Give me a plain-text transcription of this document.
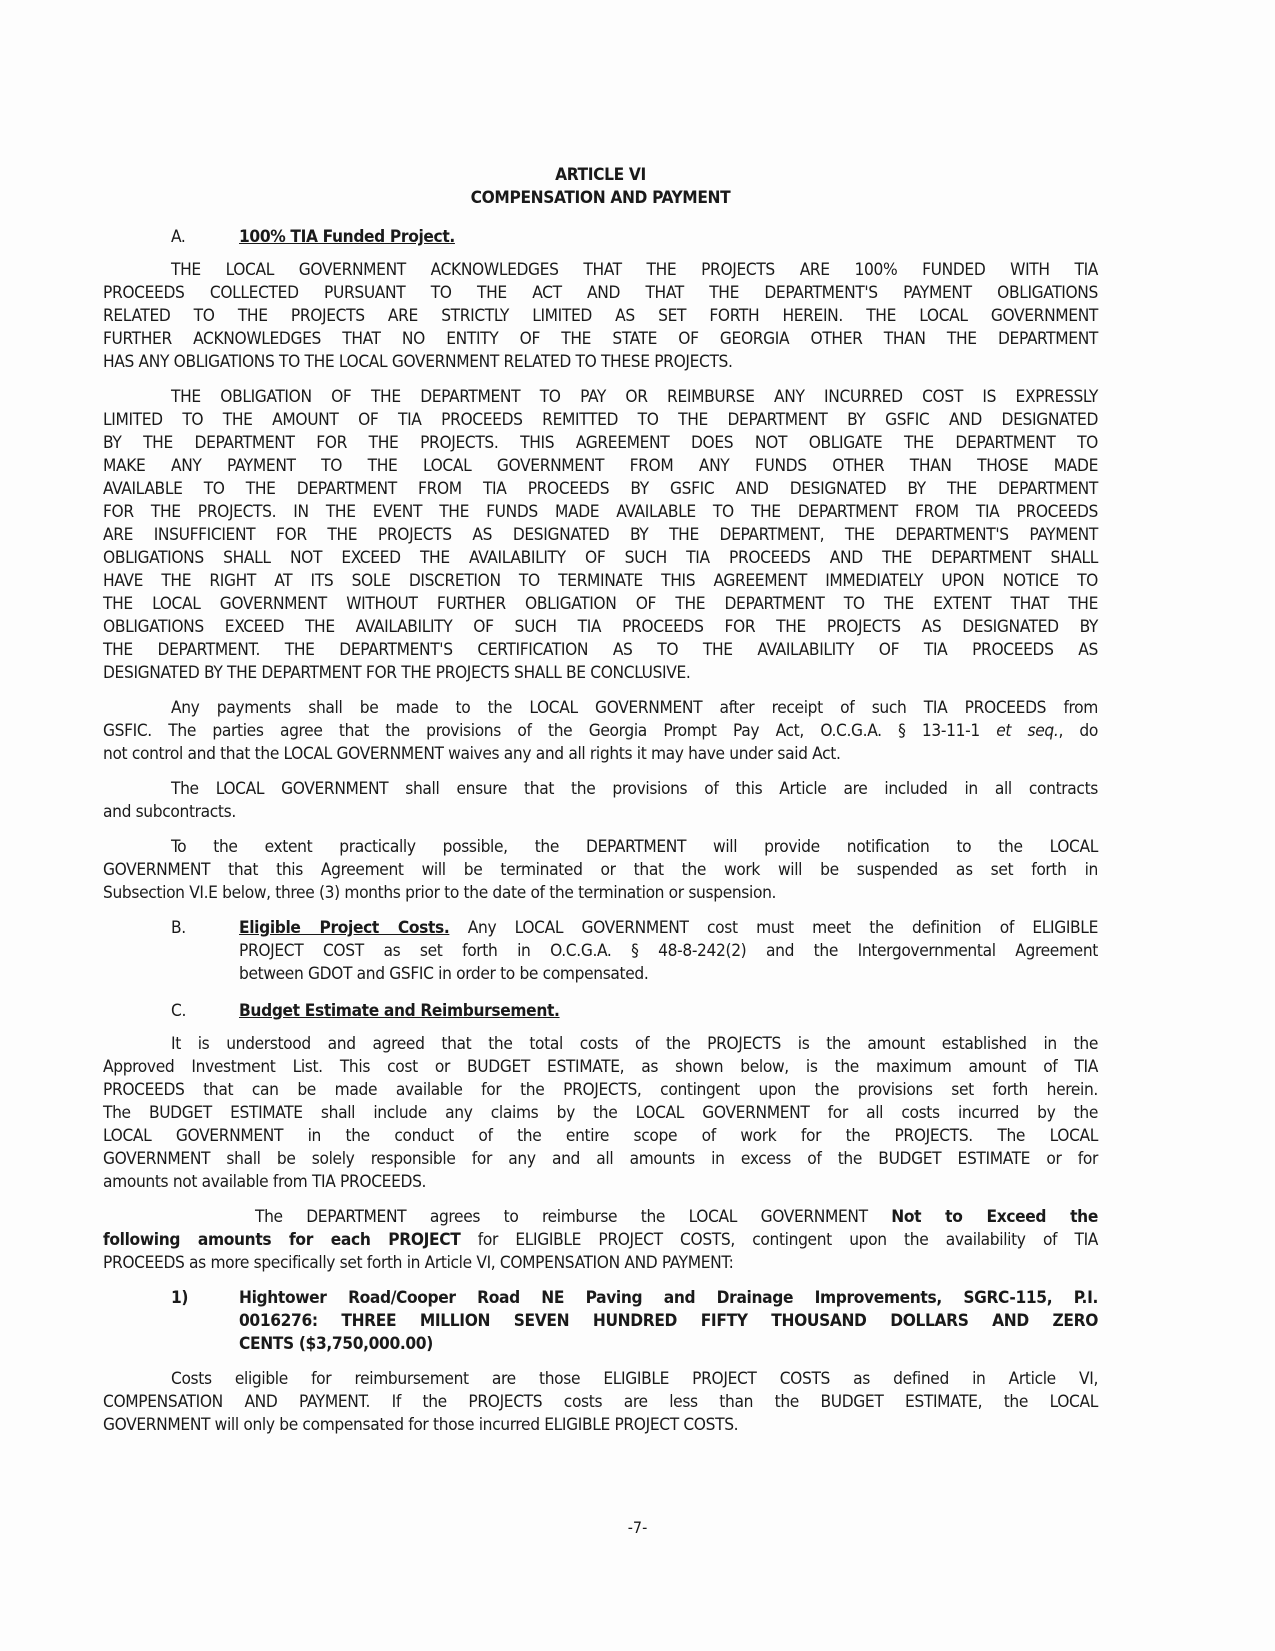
ARTICLE VI
COMPENSATION AND PAYMENT
A.	100% TIA Funded Project.
THE LOCAL GOVERNMENT ACKNOWLEDGES THAT THE PROJECTS ARE 100% FUNDED WITH TIA
PROCEEDS COLLECTED PURSUANT TO THE ACT AND THAT THE DEPARTMENT'S PAYMENT OBLIGATIONS
RELATED TO THE PROJECTS ARE STRICTLY LIMITED AS SET FORTH HEREIN. THE LOCAL GOVERNMENT
FURTHER ACKNOWLEDGES THAT NO ENTITY OF THE STATE OF GEORGIA OTHER THAN THE DEPARTMENT
HAS ANY OBLIGATIONS TO THE LOCAL GOVERNMENT RELATED TO THESE PROJECTS.
THE OBLIGATION OF THE DEPARTMENT TO PAY OR REIMBURSE ANY INCURRED COST IS EXPRESSLY
LIMITED TO THE AMOUNT OF TIA PROCEEDS REMITTED TO THE DEPARTMENT BY GSFIC AND DESIGNATED
BY THE DEPARTMENT FOR THE PROJECTS. THIS AGREEMENT DOES NOT OBLIGATE THE DEPARTMENT TO
MAKE ANY PAYMENT TO THE LOCAL GOVERNMENT FROM ANY FUNDS OTHER THAN THOSE MADE
AVAILABLE TO THE DEPARTMENT FROM TIA PROCEEDS BY GSFIC AND DESIGNATED BY THE DEPARTMENT
FOR THE PROJECTS. IN THE EVENT THE FUNDS MADE AVAILABLE TO THE DEPARTMENT FROM TIA PROCEEDS
ARE INSUFFICIENT FOR THE PROJECTS AS DESIGNATED BY THE DEPARTMENT, THE DEPARTMENT'S PAYMENT
OBLIGATIONS SHALL NOT EXCEED THE AVAILABILITY OF SUCH TIA PROCEEDS AND THE DEPARTMENT SHALL
HAVE THE RIGHT AT ITS SOLE DISCRETION TO TERMINATE THIS AGREEMENT IMMEDIATELY UPON NOTICE TO
THE LOCAL GOVERNMENT WITHOUT FURTHER OBLIGATION OF THE DEPARTMENT TO THE EXTENT THAT THE
OBLIGATIONS EXCEED THE AVAILABILITY OF SUCH TIA PROCEEDS FOR THE PROJECTS AS DESIGNATED BY
THE DEPARTMENT. THE DEPARTMENT'S CERTIFICATION AS TO THE AVAILABILITY OF TIA PROCEEDS AS
DESIGNATED BY THE DEPARTMENT FOR THE PROJECTS SHALL BE CONCLUSIVE.
Any payments shall be made to the LOCAL GOVERNMENT after receipt of such TIA PROCEEDS from
GSFIC. The parties agree that the provisions of the Georgia Prompt Pay Act, O.C.G.A. § 13-11-1 et seq., do
not control and that the LOCAL GOVERNMENT waives any and all rights it may have under said Act.
The LOCAL GOVERNMENT shall ensure that the provisions of this Article are included in all contracts
and subcontracts.
To the extent practically possible, the DEPARTMENT will provide notification to the LOCAL
GOVERNMENT that this Agreement will be terminated or that the work will be suspended as set forth in
Subsection VI.E below, three (3) months prior to the date of the termination or suspension.
B.	Eligible Project Costs. Any LOCAL GOVERNMENT cost must meet the definition of ELIGIBLE
PROJECT COST as set forth in O.C.G.A. § 48-8-242(2) and the Intergovernmental Agreement
between GDOT and GSFIC in order to be compensated.
C.	Budget Estimate and Reimbursement.
It is understood and agreed that the total costs of the PROJECTS is the amount established in the
Approved Investment List. This cost or BUDGET ESTIMATE, as shown below, is the maximum amount of TIA
PROCEEDS that can be made available for the PROJECTS, contingent upon the provisions set forth herein.
The BUDGET ESTIMATE shall include any claims by the LOCAL GOVERNMENT for all costs incurred by the
LOCAL GOVERNMENT in the conduct of the entire scope of work for the PROJECTS. The LOCAL
GOVERNMENT shall be solely responsible for any and all amounts in excess of the BUDGET ESTIMATE or for
amounts not available from TIA PROCEEDS.
The DEPARTMENT agrees to reimburse the LOCAL GOVERNMENT Not to Exceed the
following amounts for each PROJECT for ELIGIBLE PROJECT COSTS, contingent upon the availability of TIA
PROCEEDS as more specifically set forth in Article VI, COMPENSATION AND PAYMENT:
1)	Hightower Road/Cooper Road NE Paving and Drainage Improvements, SGRC-115, P.I.
0016276: THREE MILLION SEVEN HUNDRED FIFTY THOUSAND DOLLARS AND ZERO
CENTS ($3,750,000.00)
Costs eligible for reimbursement are those ELIGIBLE PROJECT COSTS as defined in Article VI,
COMPENSATION AND PAYMENT. If the PROJECTS costs are less than the BUDGET ESTIMATE, the LOCAL
GOVERNMENT will only be compensated for those incurred ELIGIBLE PROJECT COSTS.
-7-
